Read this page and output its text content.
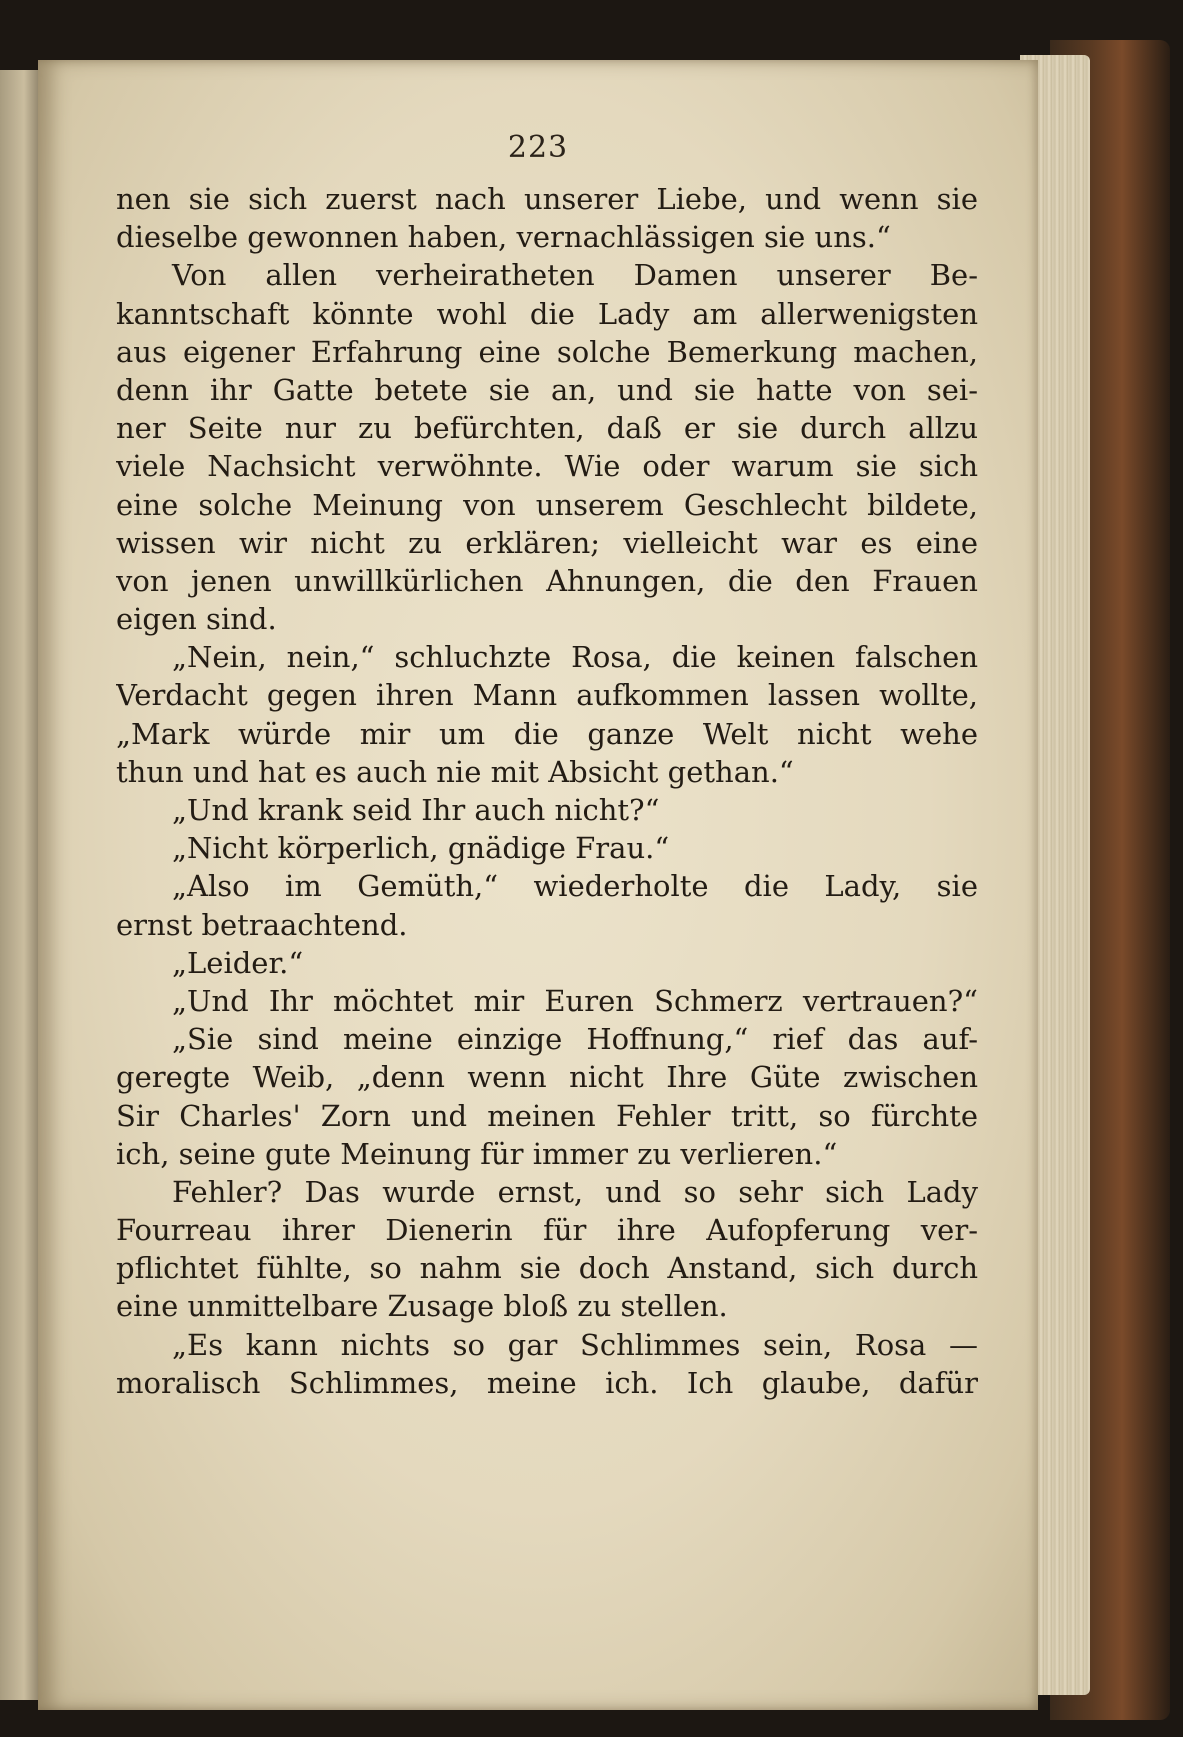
223
nen sie sich zuerst nach unserer Liebe, und wenn sie
dieselbe gewonnen haben, vernachlässigen sie uns.“
Von allen verheiratheten Damen unserer Be-
kanntschaft könnte wohl die Lady am allerwenigsten
aus eigener Erfahrung eine solche Bemerkung machen,
denn ihr Gatte betete sie an, und sie hatte von sei-
ner Seite nur zu befürchten, daß er sie durch allzu
viele Nachsicht verwöhnte. Wie oder warum sie sich
eine solche Meinung von unserem Geschlecht bildete,
wissen wir nicht zu erklären; vielleicht war es eine
von jenen unwillkürlichen Ahnungen, die den Frauen
eigen sind.
„Nein, nein,“ schluchzte Rosa, die keinen falschen
Verdacht gegen ihren Mann aufkommen lassen wollte,
„Mark würde mir um die ganze Welt nicht wehe
thun und hat es auch nie mit Absicht gethan.“
„Und krank seid Ihr auch nicht?“
„Nicht körperlich, gnädige Frau.“
„Also im Gemüth,“ wiederholte die Lady, sie
ernst betraachtend.
„Leider.“
„Und Ihr möchtet mir Euren Schmerz vertrauen?“
„Sie sind meine einzige Hoffnung,“ rief das auf-
geregte Weib, „denn wenn nicht Ihre Güte zwischen
Sir Charles' Zorn und meinen Fehler tritt, so fürchte
ich, seine gute Meinung für immer zu verlieren.“
Fehler? Das wurde ernst, und so sehr sich Lady
Fourreau ihrer Dienerin für ihre Aufopferung ver-
pflichtet fühlte, so nahm sie doch Anstand, sich durch
eine unmittelbare Zusage bloß zu stellen.
„Es kann nichts so gar Schlimmes sein, Rosa —
moralisch Schlimmes, meine ich. Ich glaube, dafür
